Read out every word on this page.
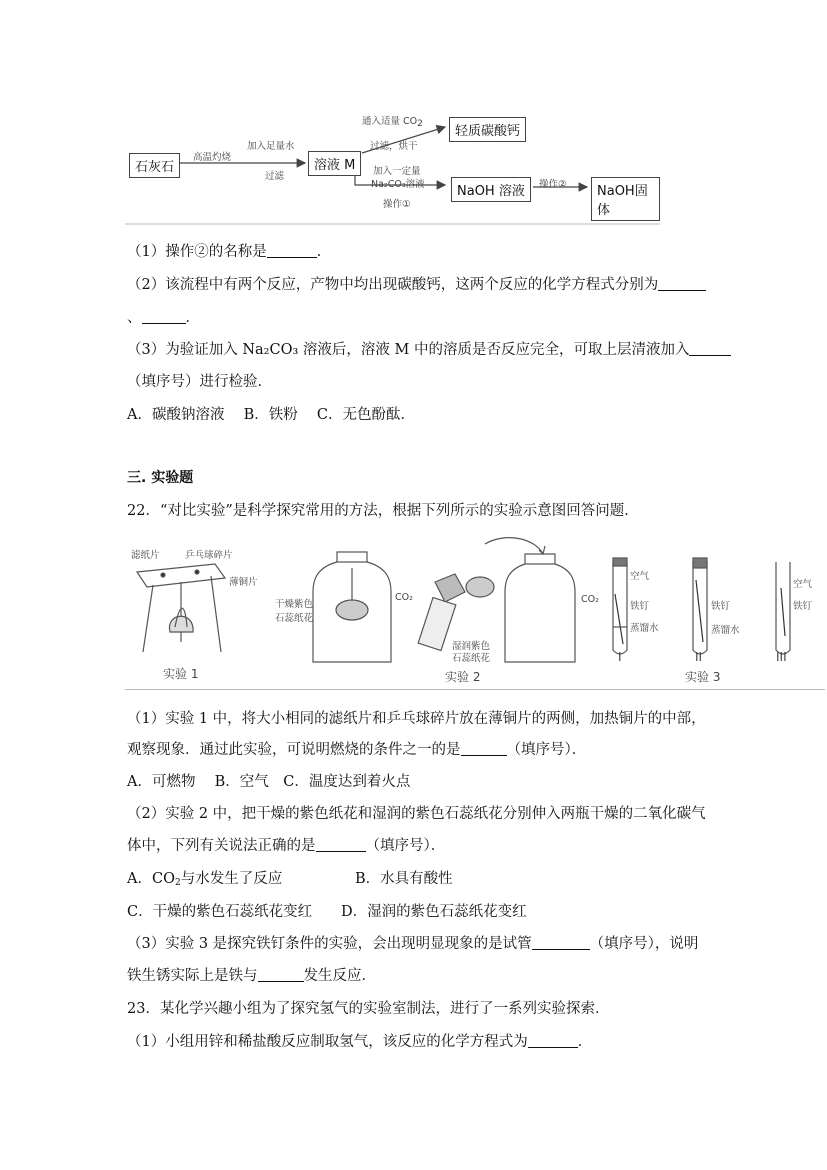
石灰石
高温灼烧
加入足量水
过滤
溶液 M
通入适量 CO2
过滤，烘干
轻质碳酸钙
加入一定量
Na₂CO₃溶液
操作①
NaOH 溶液	操作②	NaOH固体
（1）操作②的名称是	．
（2）该流程中有两个反应，产物中均出现碳酸钙，这两个反应的化学方程式分别为
、	．
（3）为验证加入 Na₂CO₃ 溶液后，溶液 M 中的溶质是否反应完全，可取上层清液加入
（填序号）进行检验．
A．碳酸钠溶液　 B．铁粉　 C．无色酚酞．
三. 实验题
22．“对比实验”是科学探究常用的方法，根据下列所示的实验示意图回答问题．
滤纸片	乒乓球碎片
薄铜片
实验 1
干燥紫色
石蕊纸花
CO₂
湿润紫色
石蕊纸花
CO₂
实验 2
空气
铁钉
蒸馏水
铁钉
蒸馏水
空气
铁钉
I	II	III
实验 3
（1）实验 1 中，将大小相同的滤纸片和乒乓球碎片放在薄铜片的两侧，加热铜片的中部，
观察现象．通过此实验，可说明燃烧的条件之一的是	（填序号）．
A．可燃物　 B．空气　C．温度达到着火点
（2）实验 2 中，把干燥的紫色纸花和湿润的紫色石蕊纸花分别伸入两瓶干燥的二氧化碳气
体中，下列有关说法正确的是	（填序号）．
A．$CO_2$与水发生了反应	B．水具有酸性
C．干燥的紫色石蕊纸花变红 D．湿润的紫色石蕊纸花变红
（3）实验 3 是探究铁钉条件的实验，会出现明显现象的是试管	（填序号），说明
铁生锈实际上是铁与	发生反应．
23．某化学兴趣小组为了探究氢气的实验室制法，进行了一系列实验探索．
（1）小组用锌和稀盐酸反应制取氢气，该反应的化学方程式为	．
